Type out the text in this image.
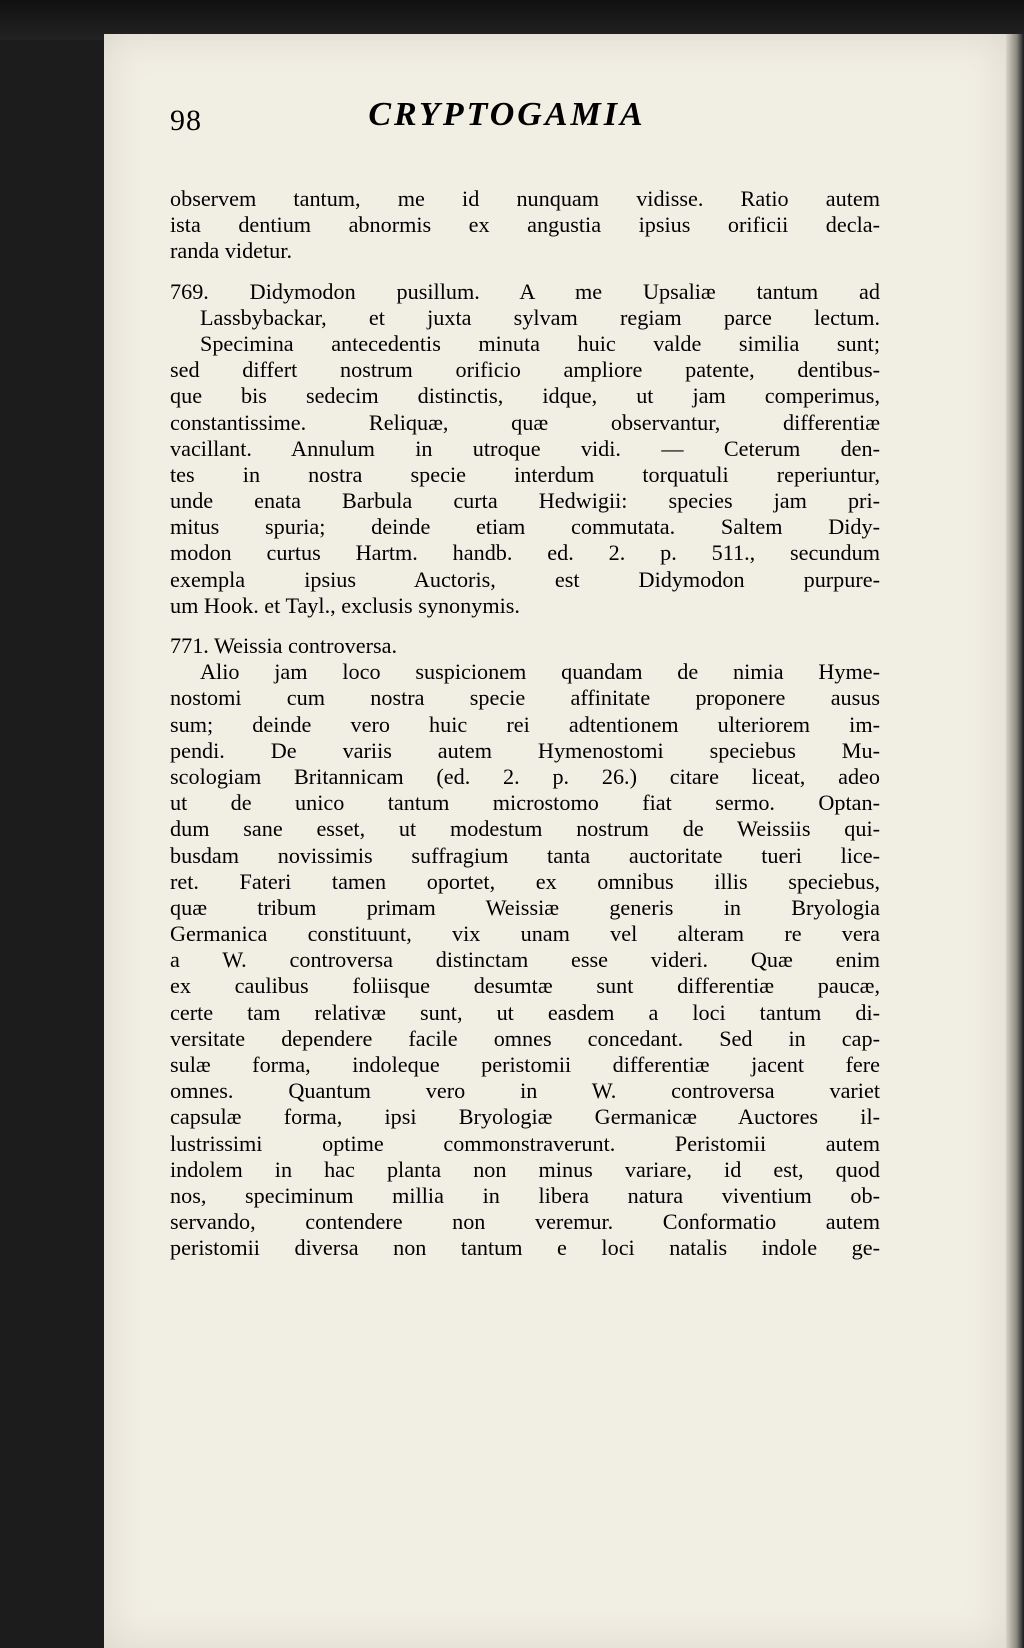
98	CRYPTOGAMIA
observem tantum, me id nunquam vidisse. Ratio autem
ista dentium abnormis ex angustia ipsius orificii decla-
randa videtur.
769. Didymodon pusillum. A me Upsaliæ tantum ad
Lassbybackar, et juxta sylvam regiam parce lectum.
Specimina antecedentis minuta huic valde similia sunt;
sed differt nostrum orificio ampliore patente, dentibus-
que bis sedecim distinctis, idque, ut jam comperimus,
constantissime. Reliquæ, quæ observantur, differentiæ
vacillant. Annulum in utroque vidi. — Ceterum den-
tes in nostra specie interdum torquatuli reperiuntur,
unde enata Barbula curta Hedwigii: species jam pri-
mitus spuria; deinde etiam commutata. Saltem Didy-
modon curtus Hartm. handb. ed. 2. p. 511., secundum
exempla ipsius Auctoris, est Didymodon purpure-
um Hook. et Tayl., exclusis synonymis.
771. Weissia controversa.
Alio jam loco suspicionem quandam de nimia Hyme-
nostomi cum nostra specie affinitate proponere ausus
sum; deinde vero huic rei adtentionem ulteriorem im-
pendi. De variis autem Hymenostomi speciebus Mu-
scologiam Britannicam (ed. 2. p. 26.) citare liceat, adeo
ut de unico tantum microstomo fiat sermo. Optan-
dum sane esset, ut modestum nostrum de Weissiis qui-
busdam novissimis suffragium tanta auctoritate tueri lice-
ret. Fateri tamen oportet, ex omnibus illis speciebus,
quæ tribum primam Weissiæ generis in Bryologia
Germanica constituunt, vix unam vel alteram re vera
a W. controversa distinctam esse videri. Quæ enim
ex caulibus foliisque desumtæ sunt differentiæ paucæ,
certe tam relativæ sunt, ut easdem a loci tantum di-
versitate dependere facile omnes concedant. Sed in cap-
sulæ forma, indoleque peristomii differentiæ jacent fere
omnes. Quantum vero in W. controversa variet
capsulæ forma, ipsi Bryologiæ Germanicæ Auctores il-
lustrissimi optime commonstraverunt. Peristomii autem
indolem in hac planta non minus variare, id est, quod
nos, speciminum millia in libera natura viventium ob-
servando, contendere non veremur. Conformatio autem
peristomii diversa non tantum e loci natalis indole ge-
